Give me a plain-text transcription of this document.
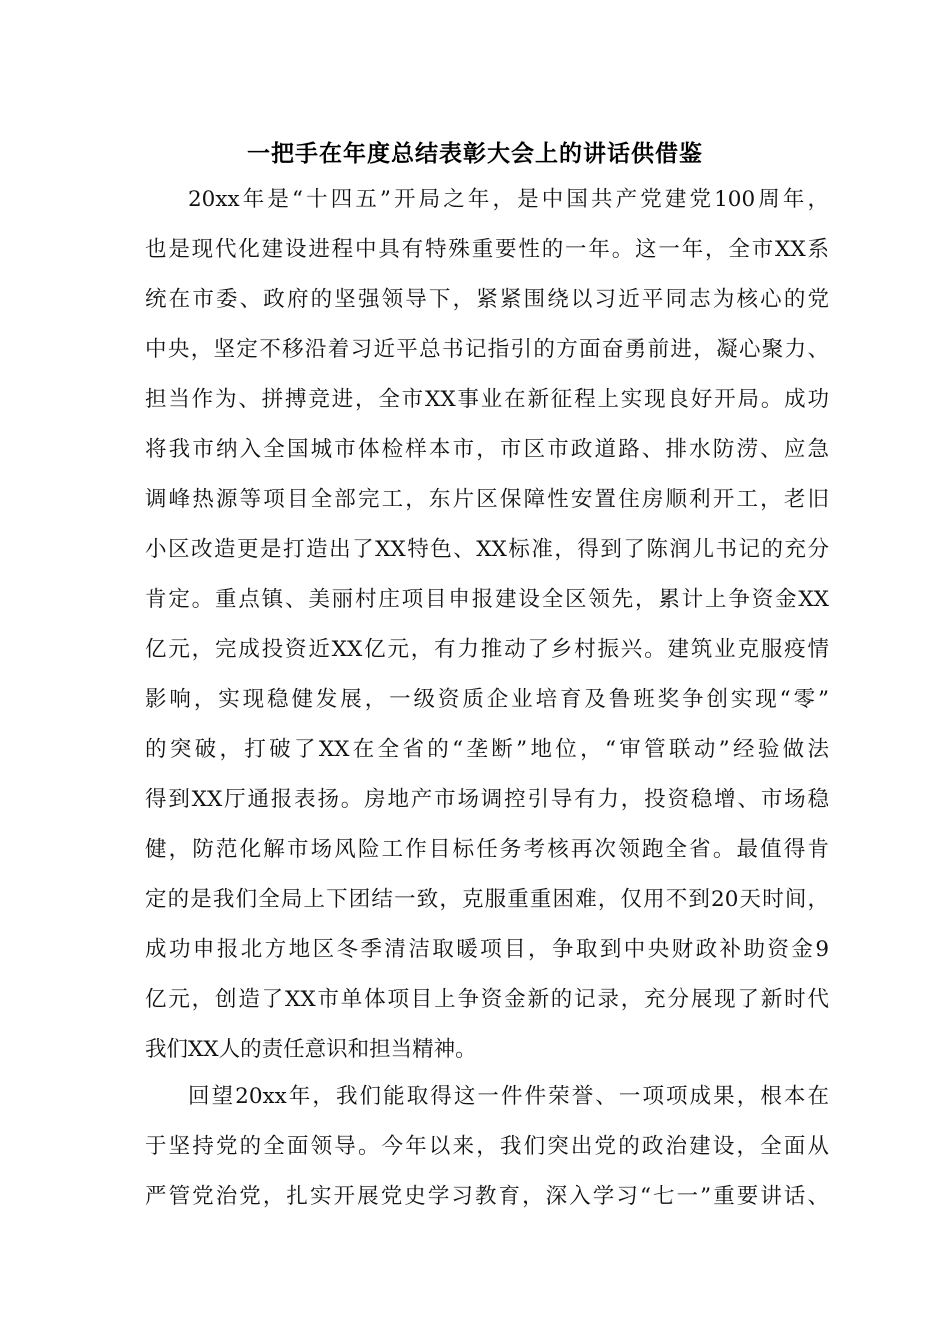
一把手在年度总结表彰大会上的讲话供借鉴
20xx年是“十四五”开局之年，是中国共产党建党100周年，
也是现代化建设进程中具有特殊重要性的一年。这一年，全市XX系
统在市委、政府的坚强领导下，紧紧围绕以习近平同志为核心的党
中央，坚定不移沿着习近平总书记指引的方面奋勇前进，凝心聚力、
担当作为、拼搏竞进，全市XX事业在新征程上实现良好开局。成功
将我市纳入全国城市体检样本市，市区市政道路、排水防涝、应急
调峰热源等项目全部完工，东片区保障性安置住房顺利开工，老旧
小区改造更是打造出了XX特色、XX标准，得到了陈润儿书记的充分
肯定。重点镇、美丽村庄项目申报建设全区领先，累计上争资金XX
亿元，完成投资近XX亿元，有力推动了乡村振兴。建筑业克服疫情
影响，实现稳健发展，一级资质企业培育及鲁班奖争创实现“零”
的突破，打破了XX在全省的“垄断”地位，“审管联动”经验做法
得到XX厅通报表扬。房地产市场调控引导有力，投资稳增、市场稳
健，防范化解市场风险工作目标任务考核再次领跑全省。最值得肯
定的是我们全局上下团结一致，克服重重困难，仅用不到20天时间，
成功申报北方地区冬季清洁取暖项目，争取到中央财政补助资金9
亿元，创造了XX市单体项目上争资金新的记录，充分展现了新时代
我们XX人的责任意识和担当精神。
回望20xx年，我们能取得这一件件荣誉、一项项成果，根本在
于坚持党的全面领导。今年以来，我们突出党的政治建设，全面从
严管党治党，扎实开展党史学习教育，深入学习“七一”重要讲话、
